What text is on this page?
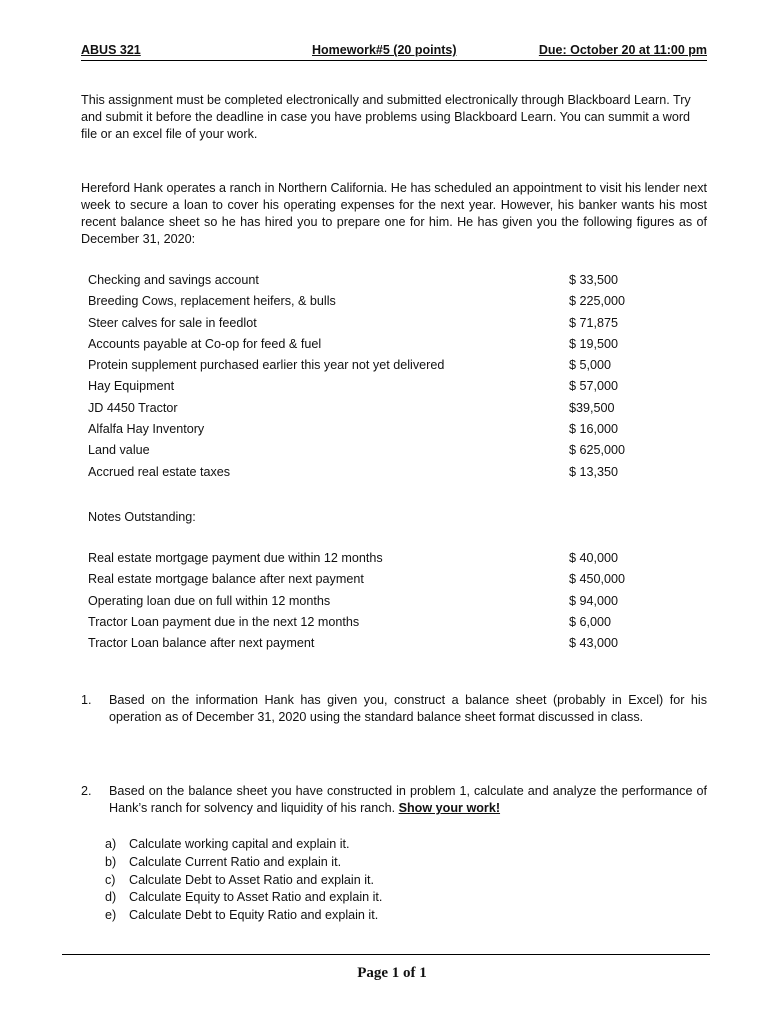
ABUS 321	Homework#5 (20 points)	Due: October 20 at 11:00 pm
This assignment must be completed electronically and submitted electronically through Blackboard Learn. Try and submit it before the deadline in case you have problems using Blackboard Learn. You can summit a word file or an excel file of your work.
Hereford Hank operates a ranch in Northern California. He has scheduled an appointment to visit his lender next week to secure a loan to cover his operating expenses for the next year. However, his banker wants his most recent balance sheet so he has hired you to prepare one for him. He has given you the following figures as of December 31, 2020:
Checking and savings account	$ 33,500
Breeding Cows, replacement heifers, & bulls	$ 225,000
Steer calves for sale in feedlot	$ 71,875
Accounts payable at Co-op for feed & fuel	$ 19,500
Protein supplement purchased earlier this year not yet delivered	$ 5,000
Hay Equipment	$ 57,000
JD 4450 Tractor	$39,500
Alfalfa Hay Inventory	$ 16,000
Land value	$ 625,000
Accrued real estate taxes	$ 13,350
Notes Outstanding:
Real estate mortgage payment due within 12 months	$ 40,000
Real estate mortgage balance after next payment	$ 450,000
Operating loan due on full within 12 months	$ 94,000
Tractor Loan payment due in the next 12 months	$ 6,000
Tractor Loan balance after next payment	$ 43,000
1.	Based on the information Hank has given you, construct a balance sheet (probably in Excel) for his operation as of December 31, 2020 using the standard balance sheet format discussed in class.
2.	Based on the balance sheet you have constructed in problem 1, calculate and analyze the performance of Hank’s ranch for solvency and liquidity of his ranch. Show your work!
a) Calculate working capital and explain it.
b) Calculate Current Ratio and explain it.
c) Calculate Debt to Asset Ratio and explain it.
d) Calculate Equity to Asset Ratio and explain it.
e) Calculate Debt to Equity Ratio and explain it.
Page 1 of 1
